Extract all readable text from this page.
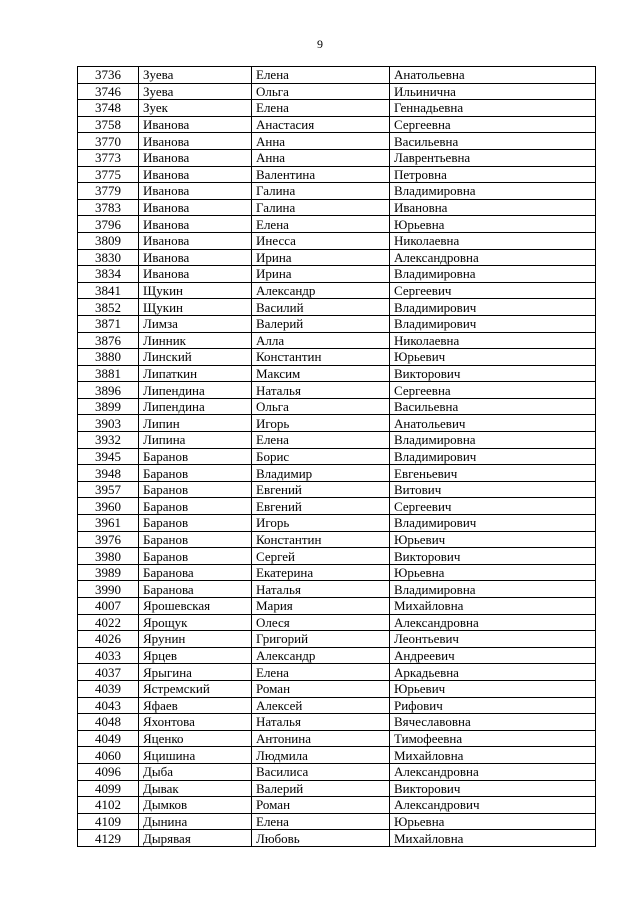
9
3736	Зуева	Елена	Анатольевна
3746	Зуева	Ольга	Ильинична
3748	Зуек	Елена	Геннадьевна
3758	Иванова	Анастасия	Сергеевна
3770	Иванова	Анна	Васильевна
3773	Иванова	Анна	Лаврентьевна
3775	Иванова	Валентина	Петровна
3779	Иванова	Галина	Владимировна
3783	Иванова	Галина	Ивановна
3796	Иванова	Елена	Юрьевна
3809	Иванова	Инесса	Николаевна
3830	Иванова	Ирина	Александровна
3834	Иванова	Ирина	Владимировна
3841	Щукин	Александр	Сергеевич
3852	Щукин	Василий	Владимирович
3871	Лимза	Валерий	Владимирович
3876	Линник	Алла	Николаевна
3880	Линский	Константин	Юрьевич
3881	Липаткин	Максим	Викторович
3896	Липендина	Наталья	Сергеевна
3899	Липендина	Ольга	Васильевна
3903	Липин	Игорь	Анатольевич
3932	Липина	Елена	Владимировна
3945	Баранов	Борис	Владимирович
3948	Баранов	Владимир	Евгеньевич
3957	Баранов	Евгений	Витович
3960	Баранов	Евгений	Сергеевич
3961	Баранов	Игорь	Владимирович
3976	Баранов	Константин	Юрьевич
3980	Баранов	Сергей	Викторович
3989	Баранова	Екатерина	Юрьевна
3990	Баранова	Наталья	Владимировна
4007	Ярошевская	Мария	Михайловна
4022	Ярощук	Олеся	Александровна
4026	Ярунин	Григорий	Леонтьевич
4033	Ярцев	Александр	Андреевич
4037	Ярыгина	Елена	Аркадьевна
4039	Ястремский	Роман	Юрьевич
4043	Яфаев	Алексей	Рифович
4048	Яхонтова	Наталья	Вячеславовна
4049	Яценко	Антонина	Тимофеевна
4060	Яцишина	Людмила	Михайловна
4096	Дыба	Василиса	Александровна
4099	Дывак	Валерий	Викторович
4102	Дымков	Роман	Александрович
4109	Дынина	Елена	Юрьевна
4129	Дырявая	Любовь	Михайловна
